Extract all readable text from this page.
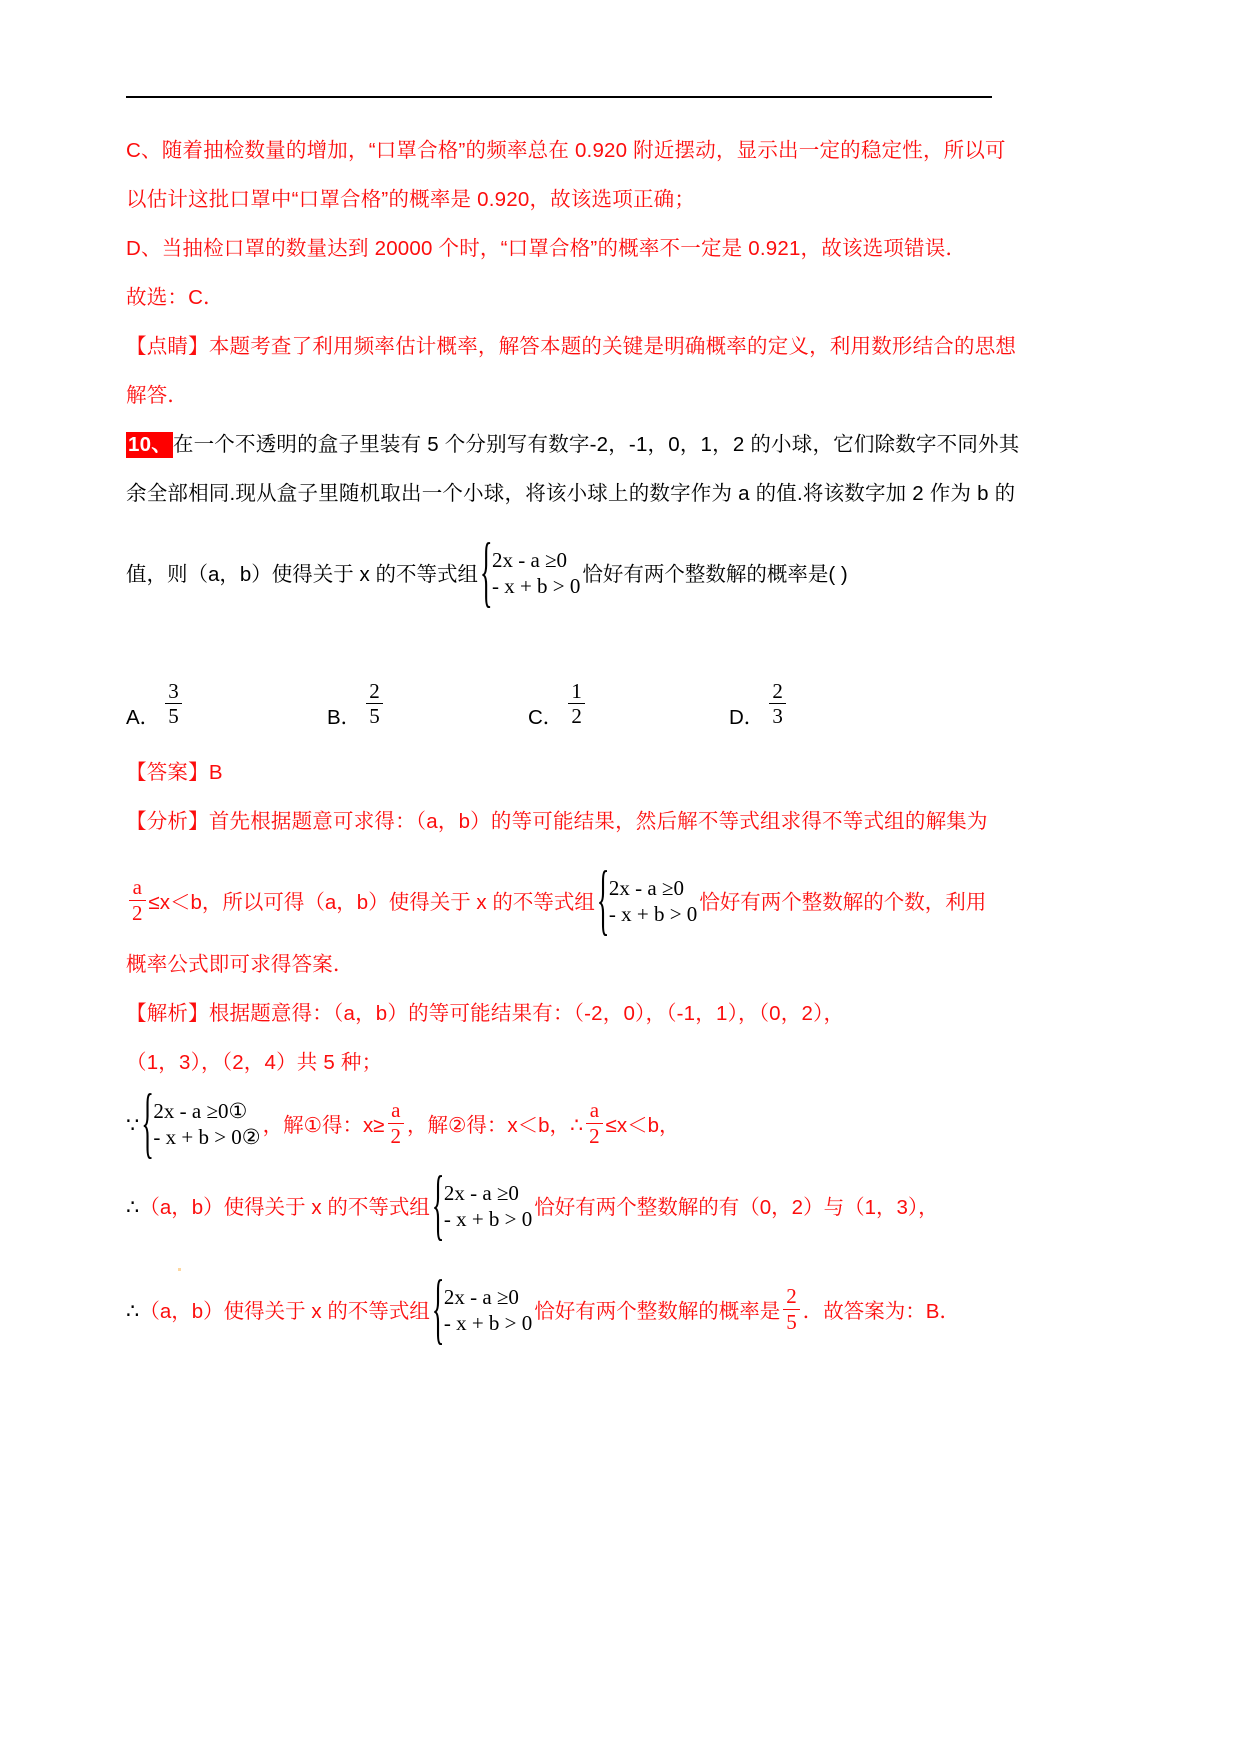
C、随着抽检数量的增加，“口罩合格”的频率总在 0.920 附近摆动，显示出一定的稳定性，所以可
以估计这批口罩中“口罩合格”的概率是 0.920，故该选项正确；
D、当抽检口罩的数量达到 20000 个时，“口罩合格”的概率不一定是 0.921，故该选项错误．
故选：C．
【点睛】本题考查了利用频率估计概率，解答本题的关键是明确概率的定义，利用数形结合的思想
解答．
10、在一个不透明的盒子里装有 5 个分别写有数字-2，-1，0，1，2 的小球，它们除数字不同外其
余全部相同.现从盒子里随机取出一个小球，将该小球上的数字作为 a 的值.将该数字加 2 作为 b 的
值，则（a，b）使得关于 x 的不等式组 { 2x - a ≥0
- x + b > 0 恰好有两个整数解的概率是( )
A． $\frac{3}{5}$	B． $\frac{2}{5}$	C． $\frac{1}{2}$	D． $\frac{2}{3}$
【答案】B
【分析】首先根据题意可求得：（a，b）的等可能结果，然后解不等式组求得不等式组的解集为
$\frac{a}{2} \le x<b$，所以可得（a，b）使得关于 x 的不等式组 { 2x - a ≥0
- x + b > 0 恰好有两个整数解的个数，利用
概率公式即可求得答案．
【解析】根据题意得：（a，b）的等可能结果有：（-2，0），（-1，1），（0，2），
（1，3），（2，4）共 5 种；
∵ { 2x - a ≥0①
- x + b > 0② ，解①得：$x\ge \frac{a}{2}$ ，解②得：x＜b，∴ $\frac{a}{2} \le x<b$，
∴ （a，b）使得关于 x 的不等式组 { 2x - a ≥0
- x + b > 0 恰好有两个整数解的有（0，2）与（1，3），
∴ （a，b）使得关于 x 的不等式组 { 2x - a ≥0
- x + b > 0 恰好有两个整数解的概率是 $\frac{2}{5}$ ．故答案为：B．
